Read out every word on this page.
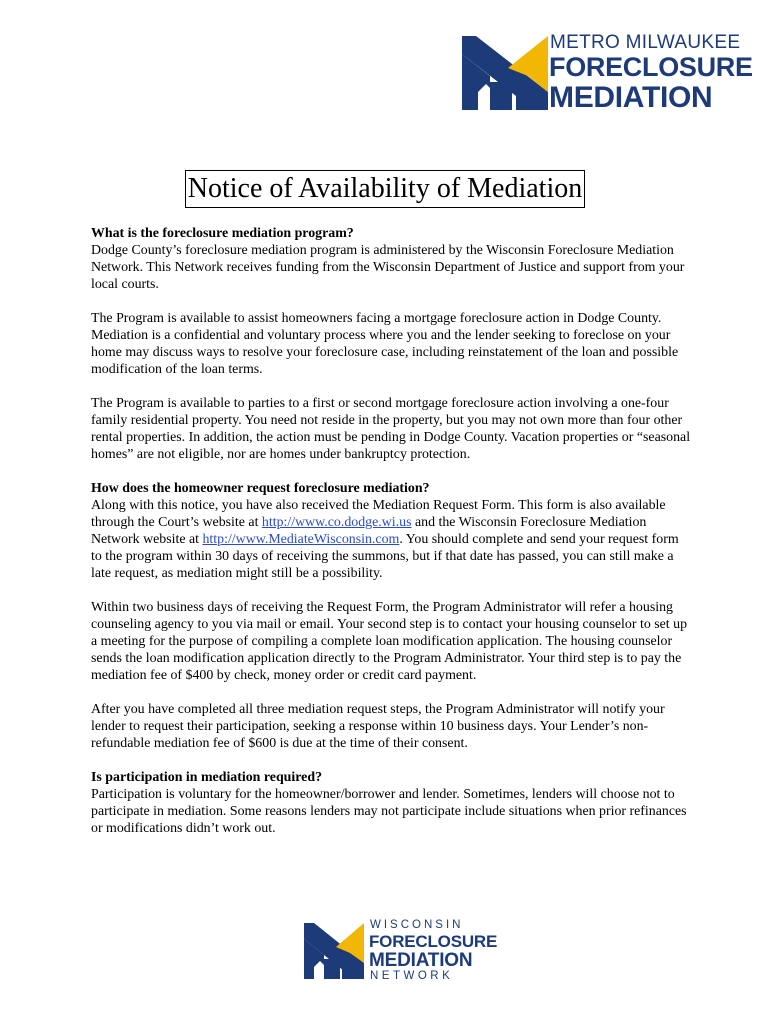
METRO MILWAUKEE
FORECLOSURE
MEDIATION
Notice of Availability of Mediation

What is the foreclosure mediation program?

Dodge County’s foreclosure mediation program is administered by the Wisconsin Foreclosure Mediation Network. This Network receives funding from the Wisconsin Department of Justice and support from your local courts.

The Program is available to assist homeowners facing a mortgage foreclosure action in Dodge County. Mediation is a confidential and voluntary process where you and the lender seeking to foreclose on your home may discuss ways to resolve your foreclosure case, including reinstatement of the loan and possible modification of the loan terms.

The Program is available to parties to a first or second mortgage foreclosure action involving a one-four family residential property. You need not reside in the property, but you may not own more than four other rental properties. In addition, the action must be pending in Dodge County. Vacation properties or “seasonal homes” are not eligible, nor are homes under bankruptcy protection.

How does the homeowner request foreclosure mediation?

Along with this notice, you have also received the Mediation Request Form. This form is also available through the Court’s website at http://www.co.dodge.wi.us and the Wisconsin Foreclosure Mediation Network website at http://www.MediateWisconsin.com. You should complete and send your request form to the program within 30 days of receiving the summons, but if that date has passed, you can still make a late request, as mediation might still be a possibility.

Within two business days of receiving the Request Form, the Program Administrator will refer a housing counseling agency to you via mail or email. Your second step is to contact your housing counselor to set up a meeting for the purpose of compiling a complete loan modification application. The housing counselor sends the loan modification application directly to the Program Administrator. Your third step is to pay the mediation fee of $400 by check, money order or credit card payment.

After you have completed all three mediation request steps, the Program Administrator will notify your lender to request their participation, seeking a response within 10 business days. Your Lender’s non-refundable mediation fee of $600 is due at the time of their consent.

Is participation in mediation required?

Participation is voluntary for the homeowner/borrower and lender. Sometimes, lenders will choose not to participate in mediation. Some reasons lenders may not participate include situations when prior refinances or modifications didn’t work out.

WISCONSIN
FORECLOSURE
MEDIATION
NETWORK
